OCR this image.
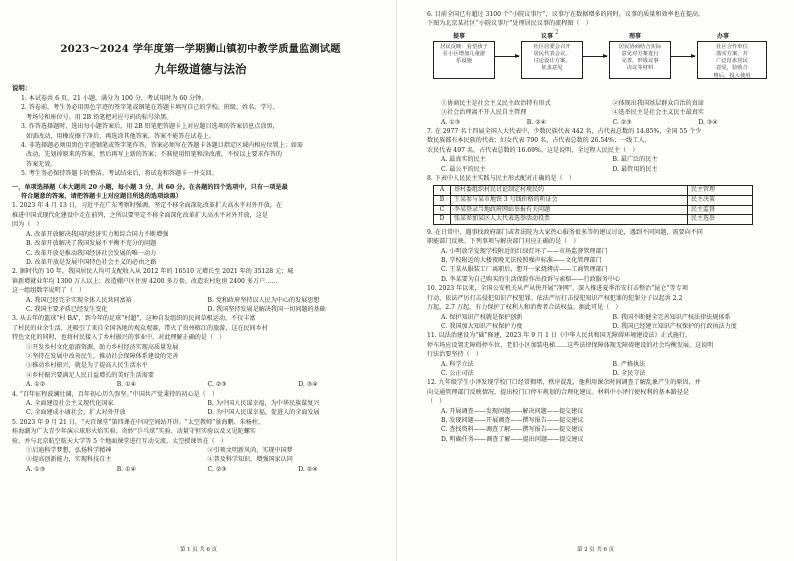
2
2023～2024 学年度第一学期狮山镇初中教学质量监测试题
九年级道德与法治
说明：
1. 本试卷共 6 页，21 小题，满分为 100 分，考试用时为 60 分钟。
2. 答卷前，考生务必用黑色字迹的签字笔或钢笔在答题卡填写自己的学校、班级、姓名、学号、
考场号和座位号。用 2B 铅笔把对应号码的标号涂黑。
3. 作答选择题时，选出每小题答案后，用 2B 铅笔把答题卡上对应题目选项的答案信息点涂黑，
如需改动，用橡皮擦干净后，再选涂其他答案，答案不能答在试卷上。
4. 非选择题必须用黑色字迹钢笔或签字笔作答，答案必须写在答题卡各题目指定区域内相应位置上；如需
改动，先划掉原来的答案，然后再写上新的答案；不准使用铅笔和涂改液。不按以上要求作答的
答案无效。
5. 考生务必保持答题卡的整洁。考试结束后，将试卷和答题卡一并交回。
一、单项选择题（本大题共 20 小题，每小题 3 分，共 60 分。在各题的四个选项中，只有一项是最
符合题意的答案，请把答题卡上对应题目所选的选项涂黑）
1. 2023 年 4 月 13 日，习近平在广东考察时强调，坚定不移全面深化改革扩大高水平对外开放，在
推进中国式现代化建设中走在前列，之所以要坚定不移全面深化改革扩大高水平对外开放，这是
因为（　）
A. 改革开放解决我国的经济实力和综合国力不断增强
B. 改革开放解决了我国发展不平衡不充分的问题
C. 改革开放是推动我国经济社会发展的唯一动力
D. 改革开放是发展中国特色社会主义的必由之路
2. 据时代的 10 年，我国居民人均可支配收入从 2012 年的 16510 元增长至 2021 年的 35128 元；城
镇新增就业年均 1300 万人以上；改造棚户区住房 4200 多万套，改造农村危房 2400 多万户……
这一组组数字说明了（　）
A. 我国已经完全实现全体人民共同富裕	B. 党和政府坚持以人民为中心的发展思想
C. 我国主要矛盾已经发生变化	D. 我国坚持发展是解决我国一切问题的基础
3. 从去年的篮球“村 BA”，到今年的足球“村超”，这种自发组织的民间草根运动，不仅丰富
了村民的业余生活，还吸引了来自全国各地的观众观赛，带火了贵州榕江的旅游，这在民间乡村
特色文化的同时，也将村民接入了乡村振兴的事业中，对此理解正确的是（　）
①开发乡村文化旅游资源，助力乡村经济实现高质量发展
②坚持在发展中改善民生，推动社会保障体系建设的完善
③推动乡村振兴，就是为了提高人民生活水平
④乡村振兴要满足人民日益增长的美好生活需要
A. ①②	B. ①④	C. ②③	D. ③④
4. “百年征程波澜壮阔，百年初心历久弥坚。”中国共产党秉持的初心是（　）
A. 全面建设社会主义现代化国家	B. 为中国人民谋幸福，为中华民族谋复兴
C. 全面建成小康社会，扩大对外开放	D. 为中国人民谋幸福，促进人的全面发展
5. 2023 年 9 月 21 日，“天宫课堂”第四课在中国空间站开讲。“太空教师”景海鹏、朱杨柱、
桂海潮为广大青少年演示球形火焰实验、奇妙“乒乓球”实验、动量守恒实验以及又见陀螺实
验，并与北京航空航天大学等 5 个地面课堂进行互动交流。太空授课旨在（　）
①启迪科学梦想，弘扬科学精神	②引领文明新风尚，实现中国梦
③提高创新能力，实现科技自主	④普及科学知识，增强国家认同
A. ①③	B. ①④	C. ②③	D. ②④
第 1 页 共 6 页
6. 目前全国已有超过 3100 个“小院议事厅”，议事厅在数据增多的同时，议事的质量和效率也在提高，
下图为北京某社区“小院议事厅”处理居民议事的流程图（　）
提事
居民反映：看望孩子
在小区增加儿童游
乐设施
议事
社区居委会召开
居民代表会议，
讨论设计方案，
征求意见
理事
居民协商结合实际
意见对方案进行
完善，形成议事
决议等材料
办事
社区合作单位
落实方案，并
广泛征求居民
意见，验收合
格后，投入使用
①协商民主是社会主义民主政治特有形式	②体现出我国基层群众自治的真谛
③社会治理离不开人民自主管理	④选举民主是社会主义民主最真实
A. ①③	B. ②④	C. ②③	D. ③④
7. 在 2977 名十四届全国人大代表中，少数民族代表 442 名，占代表总数的 14.85%，全国 55 个少
数民族都有本民族的代表；妇女代表 790 名，占代表总数的 26.54%；一线工人、
农民代表 497 名，占代表总数的 16.69%。这是说明，全过程人民民主（　）
A. 最真实的民主	B. 最广泛的民主
C. 最公平的民主	D. 最管用的民主
8. 下表中人民民主实践与民主形式配对正确的是（　）
A	基村委组织村民讨论制定村规民约	民主管理
B	王某参与某市地铁 3 号线价格的听证会	民主决策
C	李某登录当地政府网站举报有关问题	民主监督
D	张某参加某区人大代表选举活动投票	民主选举
9. 在日常中，遇事找政府部门或者法院为大家热心服务很多等的建议讨论，遇到不同问题，需要向不同
职能部门反映。下列事项与解决部门对应正确的是（　）
A. 小明放学发现学校附近的红绿灯坏了——市场监督管理部门
B. 学校附近的大楼夜晚无法按照噪声标准——文化管理部门
C. 王某从服装工厂离职后，想开一家烧烤店——工商管理部门
D. 李某要为自己购买的生活保险作出投诉与索赔——行政服务中心
10. 2023 年以来，全国公安机关从严从快开展“净网”、深入推进夏季治安打击整治“昆仑”等专项
行动，依法严厉打击侵犯知识产权犯罪。依法严厉打击侵犯知识产权犯罪的犯罪分子以起诉 2.2
万起，2.7 万起，有力保护了权利人和消费者合法权益。据此可见（　）
A. 保护知识产权就是保护创新	B. 我国不断健全完善知识产权法律法规体系
C. 我国加大知识产权保护力度	D. 我国已经建立知识产权保护的行政执法力度
11. 以法治建设为“础”修建，2023 年 9 月 1 日《中华人民共和国无障碍环境建设法》正式施行，
停车场应设置无障碍停车位，老旧小区加装电梯……这些法律保障体现无障碍建设的社会均衡发展，这说明
行法治要坚持（　）
A. 科学立法	B. 严格执法
C. 公正司法	D. 全民守法
12. 九年级学生小泽发现学校门口经常拥堵，秩序混乱，他利用课余时间调查了解乱象产生的原因，并
向交通管理部门反映情况，提出校门口停车规划的合理化建议。材料中小泽行使权利的基本路径是
（　）
A. 开展调查——发现问题——解决问题——提交建议
B. 发现问题——开展调查——撰写报告——提交建议
C. 查找资料——调查了解——撰写报告——提交建议
D. 明确任务——调查了解——提出问题——提交建议
第 2 页 共 6 页
